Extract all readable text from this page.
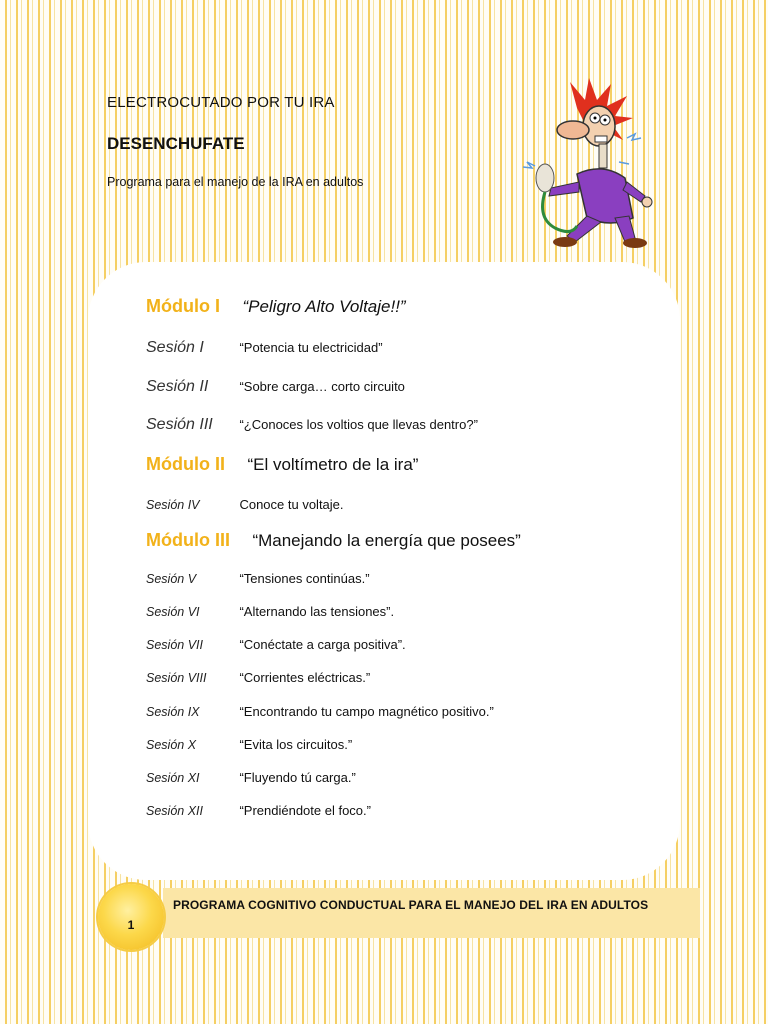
ELECTROCUTADO POR TU IRA
DESENCHUFATE
Programa para el manejo de la IRA en adultos
Módulo I “Peligro Alto Voltaje!!”
Sesión I	“Potencia tu electricidad”
Sesión II “Sobre carga… corto circuito
Sesión III “¿Conoces los voltios que llevas dentro?”
Módulo II “El voltímetro de la ira”
Sesión IV	Conoce tu voltaje.
Módulo III “Manejando la energía que posees”
Sesión V	“Tensiones continúas.”
Sesión VI	“Alternando las tensiones”.
Sesión VII	“Conéctate a carga positiva”.
Sesión VIII	“Corrientes eléctricas.”
Sesión IX	“Encontrando tu campo magnético positivo.”
Sesión X	“Evita los circuitos.”
Sesión XI	“Fluyendo tú carga.”
Sesión XII	“Prendiéndote el foco.”
PROGRAMA COGNITIVO CONDUCTUAL PARA EL MANEJO DEL IRA EN ADULTOS
1
